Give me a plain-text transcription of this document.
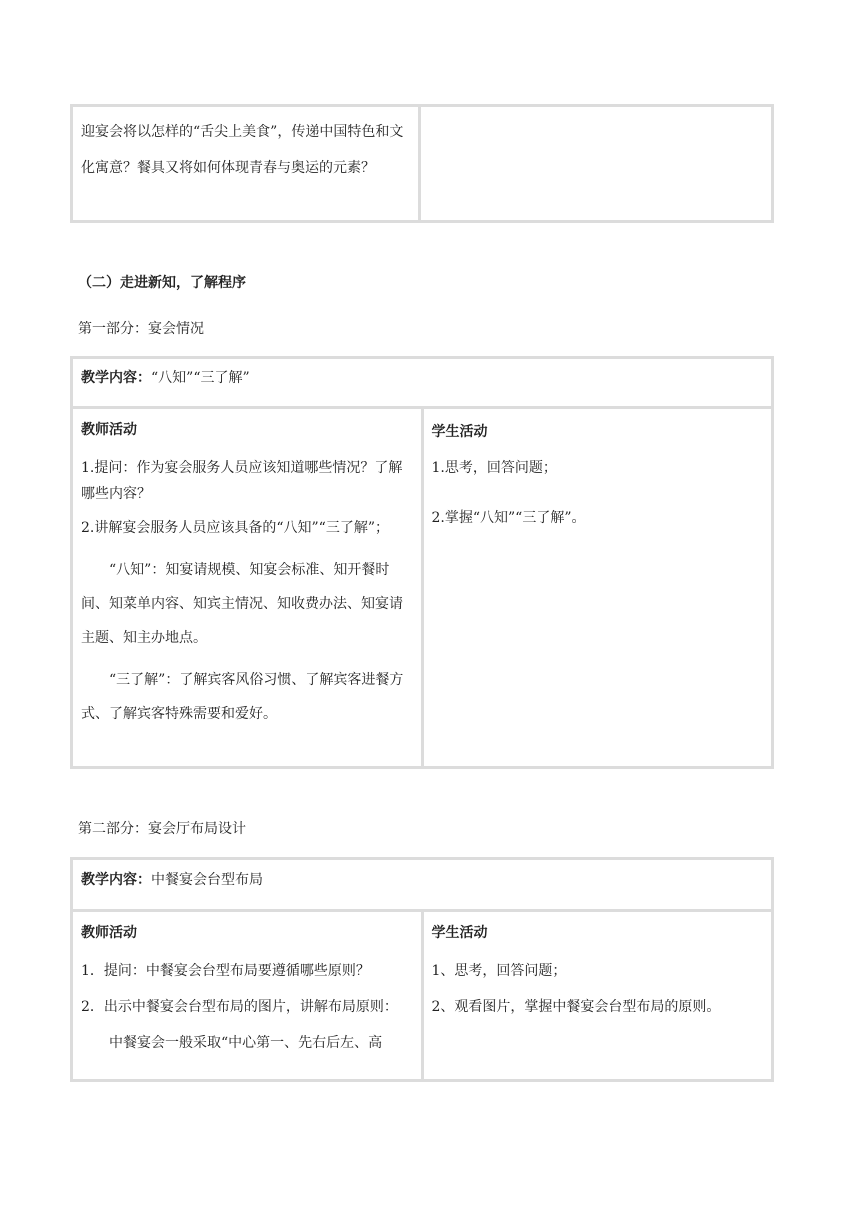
迎宴会将以怎样的“舌尖上美食”，传递中国特色和文化寓意？餐具又将如何体现青春与奥运的元素？

（二）走进新知，了解程序

第一部分：宴会情况

教学内容：“八知”“三了解”

教师活动

1.提问：作为宴会服务人员应该知道哪些情况？了解哪些内容？

2.讲解宴会服务人员应该具备的“八知”“三了解”；

“八知”：知宴请规模、知宴会标准、知开餐时间、知菜单内容、知宾主情况、知收费办法、知宴请主题、知主办地点。

“三了解”：了解宾客风俗习惯、了解宾客进餐方式、了解宾客特殊需要和爱好。

学生活动

1.思考，回答问题；

2.掌握“八知”“三了解”。

第二部分：宴会厅布局设计

教学内容：中餐宴会台型布局

教师活动

1．提问：中餐宴会台型布局要遵循哪些原则？

2．出示中餐宴会台型布局的图片，讲解布局原则：

中餐宴会一般采取“中心第一、先右后左、高

学生活动

1、思考，回答问题；

2、观看图片，掌握中餐宴会台型布局的原则。
